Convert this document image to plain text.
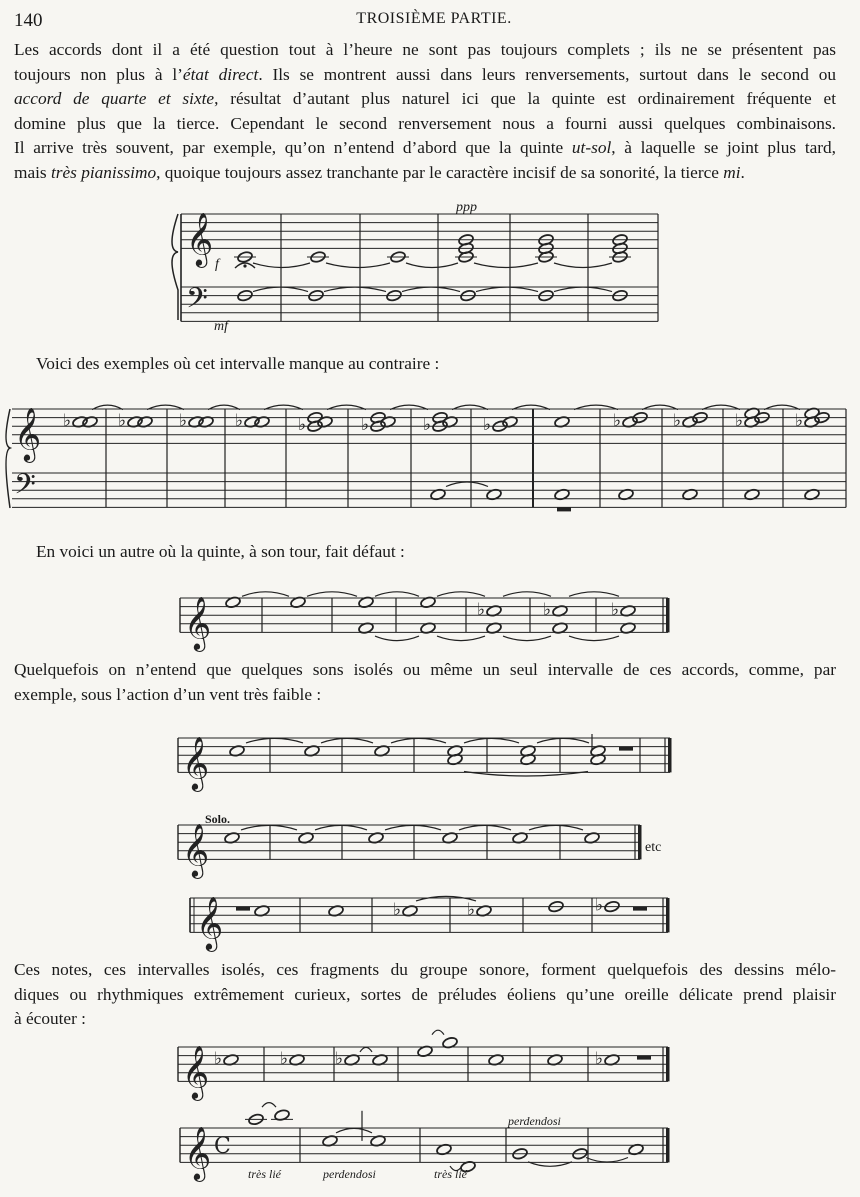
140	TROISIÈME PARTIE.
Les accords dont il a été question tout à l’heure ne sont pas toujours complets ; ils ne se présentent pas
toujours non plus à l’état direct. Ils se montrent aussi dans leurs renversements, surtout dans le second ou
accord de quarte et sixte, résultat d’autant plus naturel ici que la quinte est ordinairement fréquente et
domine plus que la tierce. Cependant le second renversement nous a fourni aussi quelques combinaisons.
Il arrive très souvent, par exemple, qu’on n’entend d’abord que la quinte ut-sol, à laquelle se joint plus tard,
mais très pianissimo, quoique toujours assez tranchante par le caractère incisif de sa sonorité, la tierce mi.
Voici des exemples où cet intervalle manque au contraire :
En voici un autre où la quinte, à son tour, fait défaut :
Quelquefois on n’entend que quelques sons isolés ou même un seul intervalle de ces accords, comme, par
exemple, sous l’action d’un vent très faible :
Ces notes, ces intervalles isolés, ces fragments du groupe sonore, forment quelquefois des dessins mélo-
diques ou rhythmiques extrêmement curieux, sortes de préludes éoliens qu’une oreille délicate prend plaisir
à écouter :
𝄞
𝄢
ppp
f
mf
𝄞
𝄢
♭	♭	♭	♭	♭	♭	♭	♭	♭	♭	♭	♭
𝄞	♭	♭	♭
𝄞
𝄞
Solo.
etc
𝄞	♭	♭	♭
𝄞 ♭	♭	♭	♭
𝄞 C
très lié	perdendosi	très lié
perdendosi
